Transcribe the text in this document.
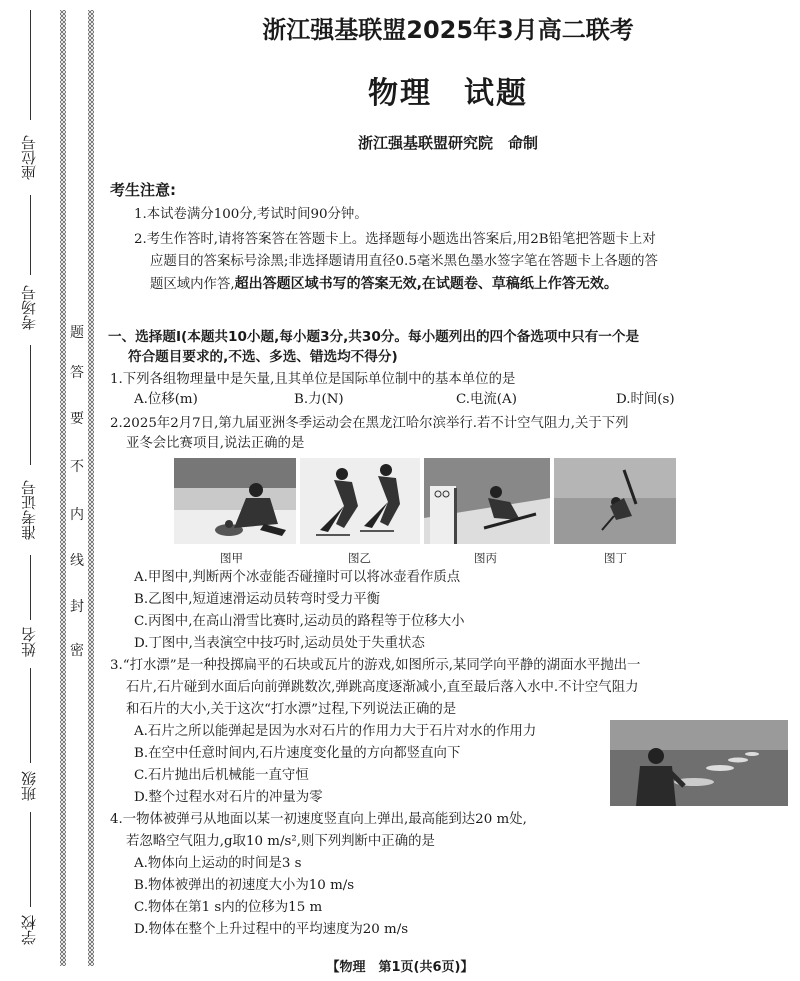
座位号
考场号
准考证号
姓名
班级
学校
题
答
要
不
内
线
封
密
浙江强基联盟2025年3月高二联考
物理　试题
浙江强基联盟研究院　命制
考生注意:
1.本试卷满分100分,考试时间90分钟。
2.考生作答时,请将答案答在答题卡上。选择题每小题选出答案后,用2B铅笔把答题卡上对
应题目的答案标号涂黑;非选择题请用直径0.5毫米黑色墨水签字笔在答题卡上各题的答
题区域内作答,超出答题区域书写的答案无效,在试题卷、草稿纸上作答无效。
一、选择题Ⅰ(本题共10小题,每小题3分,共30分。每小题列出的四个备选项中只有一个是
符合题目要求的,不选、多选、错选均不得分)
1.下列各组物理量中是矢量,且其单位是国际单位制中的基本单位的是
A.位移(m)	B.力(N)	C.电流(A)	D.时间(s)
2.2025年2月7日,第九届亚洲冬季运动会在黑龙江哈尔滨举行.若不计空气阻力,关于下列
亚冬会比赛项目,说法正确的是
图甲	图乙	图丙	图丁
A.甲图中,判断两个冰壶能否碰撞时可以将冰壶看作质点
B.乙图中,短道速滑运动员转弯时受力平衡
C.丙图中,在高山滑雪比赛时,运动员的路程等于位移大小
D.丁图中,当表演空中技巧时,运动员处于失重状态
3.“打水漂”是一种投掷扁平的石块或瓦片的游戏,如图所示,某同学向平静的湖面水平抛出一
石片,石片碰到水面后向前弹跳数次,弹跳高度逐渐减小,直至最后落入水中.不计空气阻力
和石片的大小,关于这次“打水漂”过程,下列说法正确的是
A.石片之所以能弹起是因为水对石片的作用力大于石片对水的作用力
B.在空中任意时间内,石片速度变化量的方向都竖直向下
C.石片抛出后机械能一直守恒
D.整个过程水对石片的冲量为零
4.一物体被弹弓从地面以某一初速度竖直向上弹出,最高能到达20 m处,
若忽略空气阻力,g取10 m/s²,则下列判断中正确的是
A.物体向上运动的时间是3 s
B.物体被弹出的初速度大小为10 m/s
C.物体在第1 s内的位移为15 m
D.物体在整个上升过程中的平均速度为20 m/s
【物理　第1页(共6页)】
